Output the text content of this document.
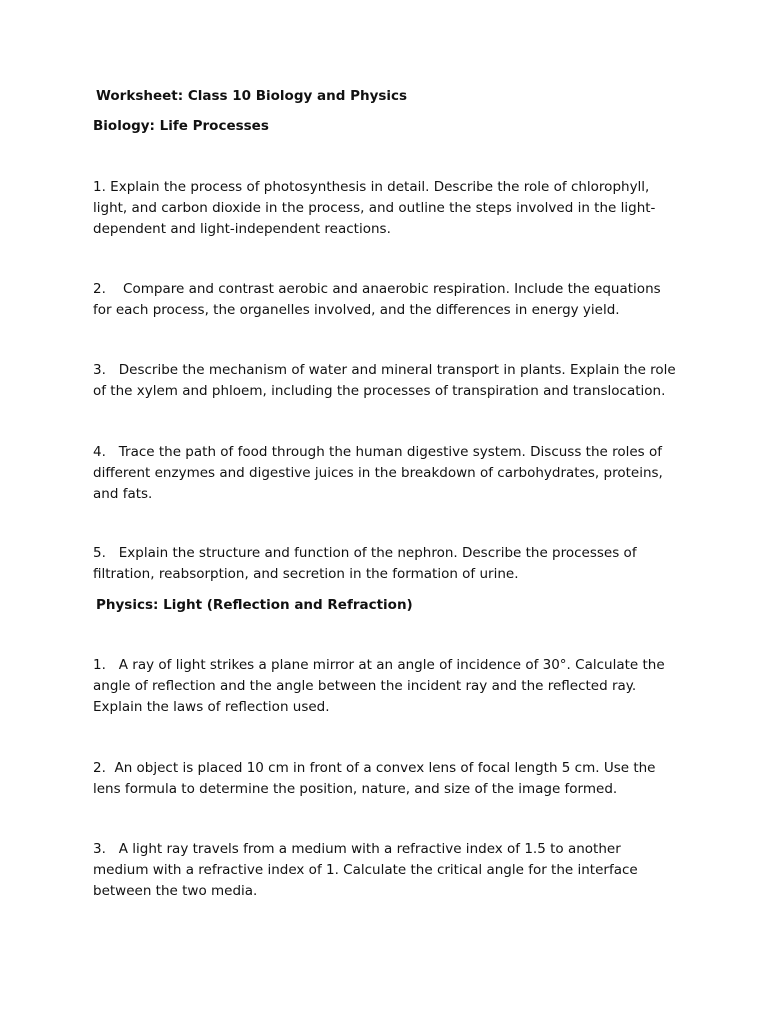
Worksheet: Class 10 Biology and Physics
Biology: Life Processes
1. Explain the process of photosynthesis in detail. Describe the role of chlorophyll, light, and carbon dioxide in the process, and outline the steps involved in the light-dependent and light-independent reactions.
2.    Compare and contrast aerobic and anaerobic respiration. Include the equations for each process, the organelles involved, and the differences in energy yield.
3.   Describe the mechanism of water and mineral transport in plants. Explain the role of the xylem and phloem, including the processes of transpiration and translocation.
4.   Trace the path of food through the human digestive system. Discuss the roles of different enzymes and digestive juices in the breakdown of carbohydrates, proteins, and fats.
5.   Explain the structure and function of the nephron. Describe the processes of filtration, reabsorption, and secretion in the formation of urine.
Physics: Light (Reflection and Refraction)
1.   A ray of light strikes a plane mirror at an angle of incidence of 30°. Calculate the angle of reflection and the angle between the incident ray and the reflected ray. Explain the laws of reflection used.
2.  An object is placed 10 cm in front of a convex lens of focal length 5 cm. Use the lens formula to determine the position, nature, and size of the image formed.
3.   A light ray travels from a medium with a refractive index of 1.5 to another medium with a refractive index of 1. Calculate the critical angle for the interface between the two media.
